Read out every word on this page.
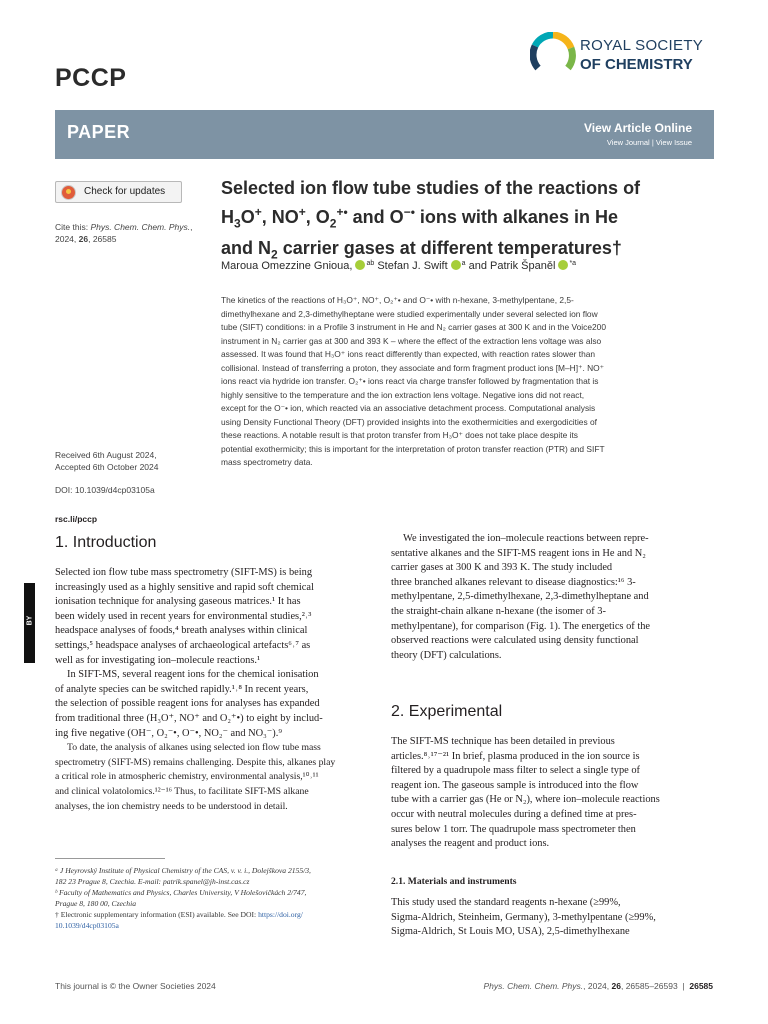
PCCP
ROYAL SOCIETY
OF CHEMISTRY
PAPER	View Article Online
View Journal | View Issue
Check for updates
Cite this: Phys. Chem. Chem. Phys., 2024, 26, 26585
Received 6th August 2024,
Accepted 6th October 2024
DOI: 10.1039/d4cp03105a
rsc.li/pccp
Selected ion flow tube studies of the reactions of
$H_3O^+$, NO+, $O_2^{+•}$ and O−• ions with alkanes in He
and $N_2$ carrier gases at different temperatures†
Maroua Omezzine Gnioua, $^{ab}$ Stefan J. Swift $^a$ and Patrik Španěl $^{*a}$
The kinetics of the reactions of H₃O⁺, NO⁺, O₂⁺• and O⁻• with n-hexane, 3-methylpentane, 2,5-
dimethylhexane and 2,3-dimethylheptane were studied experimentally under several selected ion flow
tube (SIFT) conditions: in a Profile 3 instrument in He and N₂ carrier gases at 300 K and in the Voice200
instrument in N₂ carrier gas at 300 and 393 K – where the effect of the extraction lens voltage was also
assessed. It was found that H₃O⁺ ions react differently than expected, with reaction rates slower than
collisional. Instead of transferring a proton, they associate and form fragment product ions [M–H]⁺. NO⁺
ions react via hydride ion transfer. O₂⁺• ions react via charge transfer followed by fragmentation that is
highly sensitive to the temperature and the ion extraction lens voltage. Negative ions did not react,
except for the O⁻• ion, which reacted via an associative detachment process. Computational analysis
using Density Functional Theory (DFT) provided insights into the exothermicities and exergodicities of
these reactions. A notable result is that proton transfer from H₃O⁺ does not take place despite its
potential exothermicity; this is important for the interpretation of proton transfer reaction (PTR) and SIFT
mass spectrometry data.
BY
1. Introduction

Selected ion flow tube mass spectrometry (SIFT-MS) is being

increasingly used as a highly sensitive and rapid soft chemical

ionisation technique for analysing gaseous matrices.¹ It has

been widely used in recent years for environmental studies,²˒³

headspace analyses of foods,⁴ breath analyses within clinical

settings,⁵ headspace analyses of archaeological artefacts⁶˒⁷ as

well as for investigating ion–molecule reactions.¹

In SIFT-MS, several reagent ions for the chemical ionisation

of analyte species can be switched rapidly.¹˒⁸ In recent years,

the selection of possible reagent ions for analyses has expanded

from traditional three (H₃O⁺, NO⁺ and O₂⁺•) to eight by includ-

ing five negative (OH⁻, O₂⁻•, O⁻•, NO₂⁻ and NO₃⁻).⁹

To date, the analysis of alkanes using selected ion flow tube mass

spectrometry (SIFT-MS) remains challenging. Despite this, alkanes play

a critical role in atmospheric chemistry, environmental analysis,¹⁰˒¹¹

and clinical volatolomics.¹²⁻¹⁶ Thus, to facilitate SIFT-MS alkane

analyses, the ion chemistry needs to be understood in detail.

ᵃ J Heyrovský Institute of Physical Chemistry of the CAS, v. v. i., Dolejškova 2155/3,
182 23 Prague 8, Czechia. E-mail: patrik.spanel@jh-inst.cas.cz
ᵇ Faculty of Mathematics and Physics, Charles University, V Holešovičkách 2/747,
Prague 8, 180 00, Czechia
† Electronic supplementary information (ESI) available. See DOI: https://doi.org/
10.1039/d4cp03105a

We investigated the ion–molecule reactions between repre-

sentative alkanes and the SIFT-MS reagent ions in He and N₂

carrier gases at 300 K and 393 K. The study included

three branched alkanes relevant to disease diagnostics:¹⁶ 3-

methylpentane, 2,5-dimethylhexane, 2,3-dimethylheptane and

the straight-chain alkane n-hexane (the isomer of 3-

methylpentane), for comparison (Fig. 1). The energetics of the

observed reactions were calculated using density functional

theory (DFT) calculations.

2. Experimental

The SIFT-MS technique has been detailed in previous

articles.⁸˒¹⁷⁻²¹ In brief, plasma produced in the ion source is

filtered by a quadrupole mass filter to select a single type of

reagent ion. The gaseous sample is introduced into the flow

tube with a carrier gas (He or N₂), where ion–molecule reactions

occur with neutral molecules during a defined time at pres-

sures below 1 torr. The quadrupole mass spectrometer then

analyses the reagent and product ions.

2.1. Materials and instruments

This study used the standard reagents n-hexane (≥99%,

Sigma-Aldrich, Steinheim, Germany), 3-methylpentane (≥99%,

Sigma-Aldrich, St Louis MO, USA), 2,5-dimethylhexane

This journal is © the Owner Societies 2024	Phys. Chem. Chem. Phys., 2024, 26, 26585–26593  |  26585
